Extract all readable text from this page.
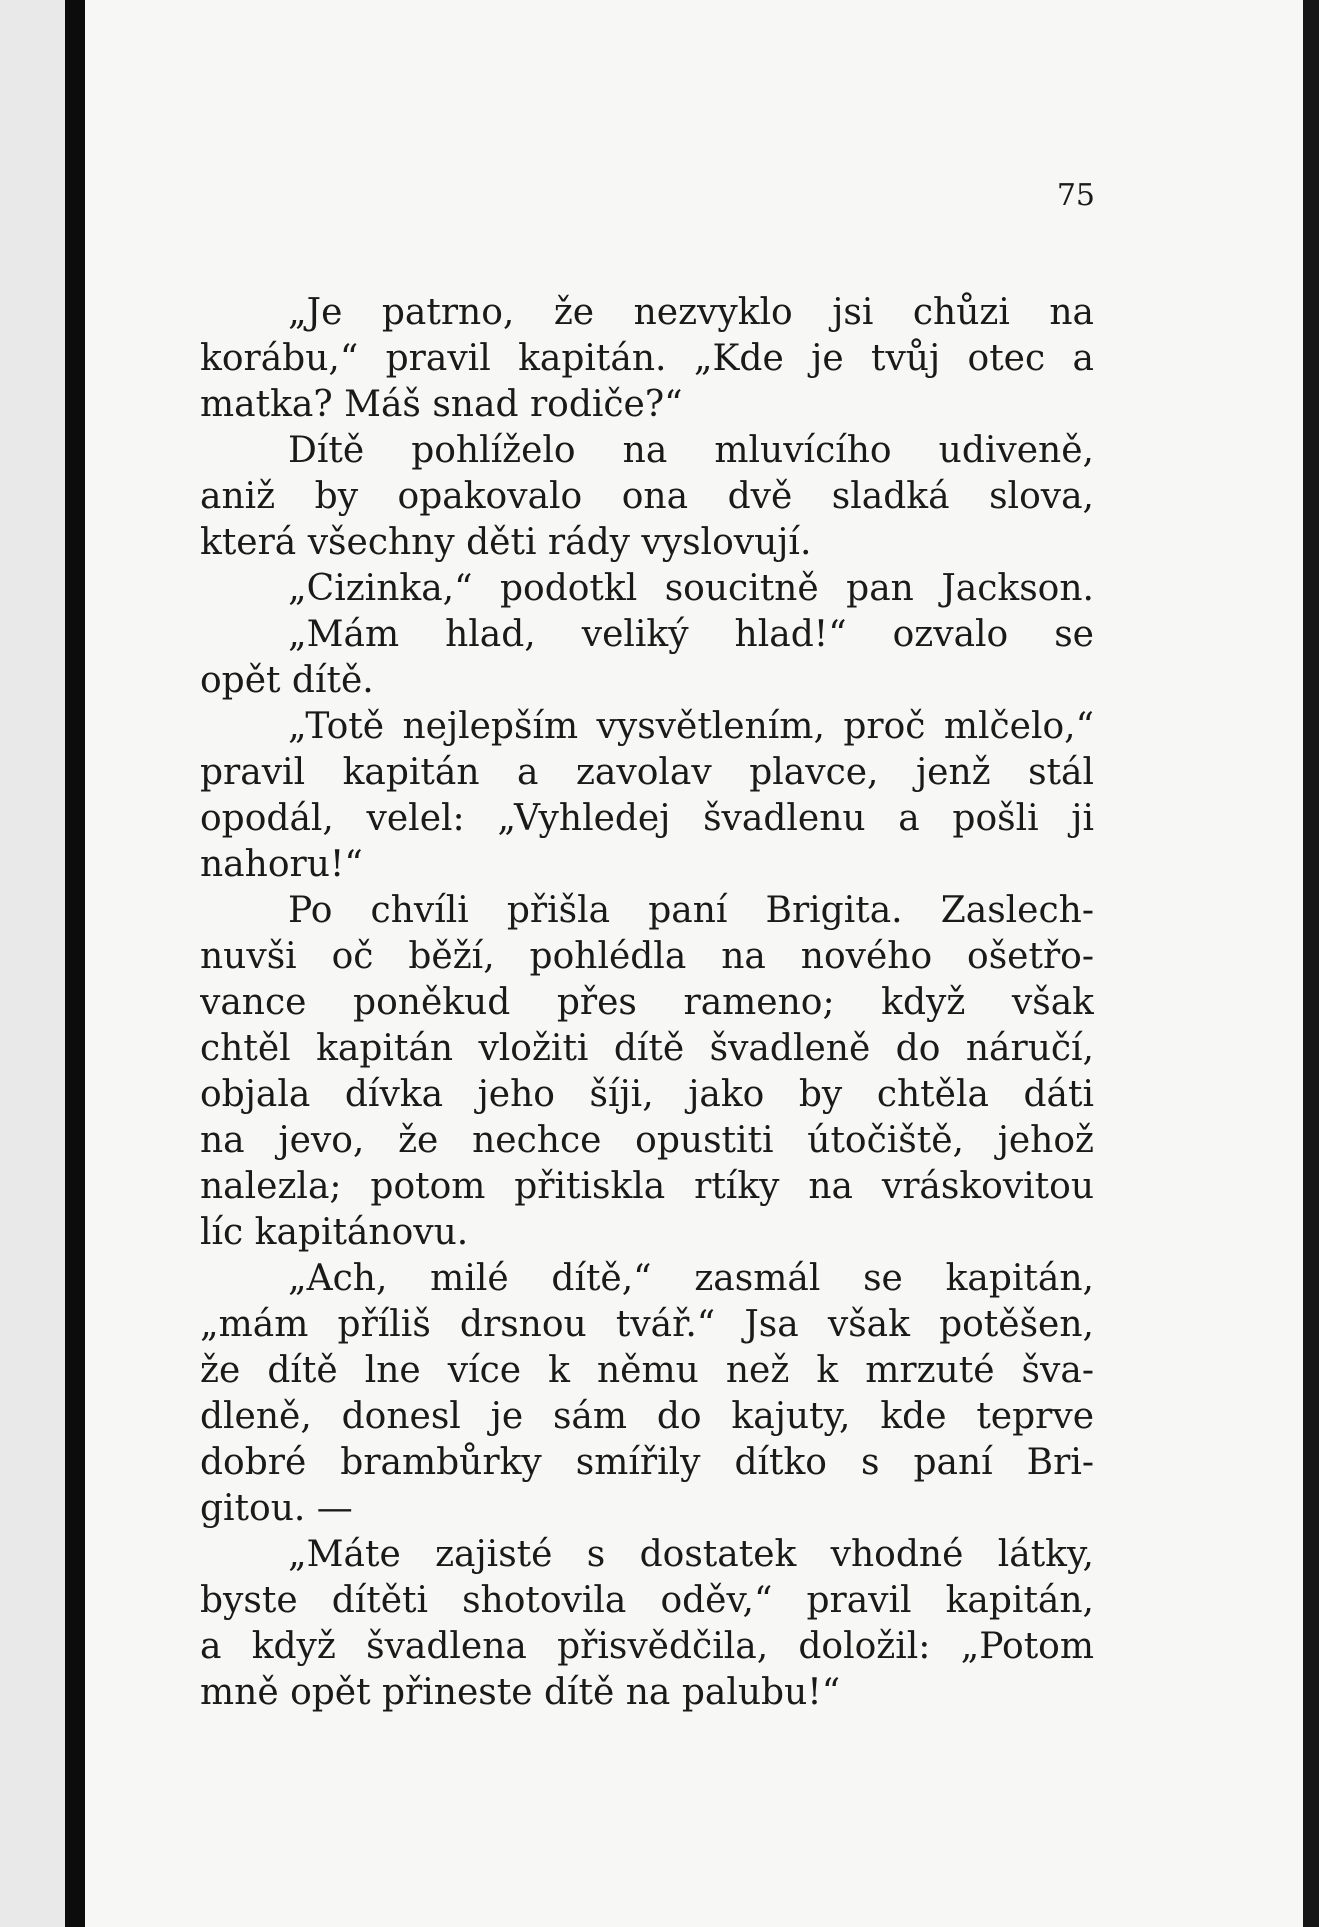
75
„Je patrno, že nezvyklo jsi chůzi na
korábu,“ pravil kapitán. „Kde je tvůj otec a
matka? Máš snad rodiče?“
Dítě pohlíželo na mluvícího udiveně,
aniž by opakovalo ona dvě sladká slova,
která všechny děti rády vyslovují.
„Cizinka,“ podotkl soucitně pan Jackson.
„Mám hlad, veliký hlad!“ ozvalo se
opět dítě.
„Totě nejlepším vysvětlením, proč mlčelo,“
pravil kapitán a zavolav plavce, jenž stál
opodál, velel: „Vyhledej švadlenu a pošli ji
nahoru!“
Po chvíli přišla paní Brigita. Zaslech-
nuvši oč běží, pohlédla na nového ošetřo-
vance poněkud přes rameno; když však
chtěl kapitán vložiti dítě švadleně do náručí,
objala dívka jeho šíji, jako by chtěla dáti
na jevo, že nechce opustiti útočiště, jehož
nalezla; potom přitiskla rtíky na vráskovitou
líc kapitánovu.
„Ach, milé dítě,“ zasmál se kapitán,
„mám příliš drsnou tvář.“ Jsa však potěšen,
že dítě lne více k němu než k mrzuté šva-
dleně, donesl je sám do kajuty, kde teprve
dobré brambůrky smířily dítko s paní Bri-
gitou. —
„Máte zajisté s dostatek vhodné látky,
byste dítěti shotovila oděv,“ pravil kapitán,
a když švadlena přisvědčila, doložil: „Potom
mně opět přineste dítě na palubu!“
